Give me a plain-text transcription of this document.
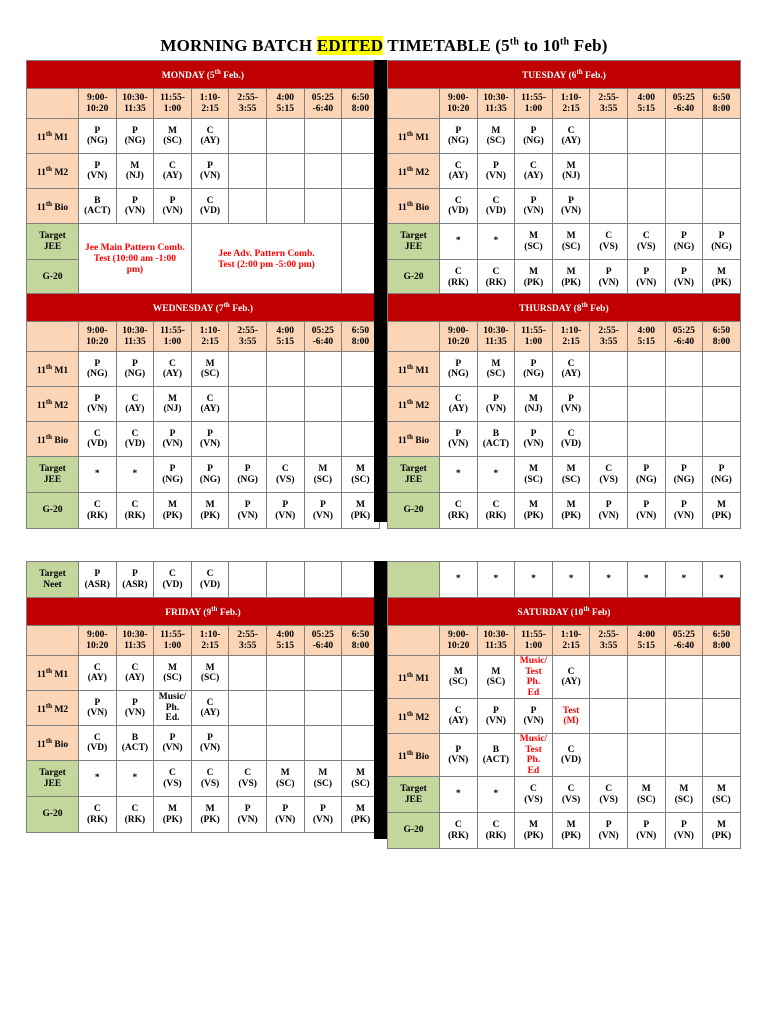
MORNING BATCH EDITED TIMETABLE (5th to 10th Feb)
MONDAY (5th Feb.)								
	9:00-10:20	10:30-11:35	11:55-1:00	1:10-2:15	2:55-3:55	4:00 5:15	05:25 -6:40	6:50 8:00
11th M1	P (NG)	P (NG)	M (SC)	C (AY)				
11th M2	P (VN)	M (NJ)	C (AY)	P (VN)				
11th Bio	B (ACT)	P (VN)	P (VN)	C (VD)				
Target JEE	Jee Main Pattern Comb. Test (10:00 am -1:00 pm)			Jee Adv. Pattern Comb. Test (2:00 pm -5:00 pm)				
G-20								
TUESDAY (6th Feb.)								
	9:00-10:20	10:30-11:35	11:55-1:00	1:10-2:15	2:55-3:55	4:00 5:15	05:25 -6:40	6:50 8:00
11th M1	P (NG)	M (SC)	P (NG)	C (AY)				
11th M2	C (AY)	P (VN)	C (AY)	M (NJ)				
11th Bio	C (VD)	C (VD)	P (VN)	P (VN)				
Target JEE	*	*	M (SC)	M (SC)	C (VS)	C (VS)	P (NG)	P (NG)
G-20	C (RK)	C (RK)	M (PK)	M (PK)	P (VN)	P (VN)	P (VN)	M (PK)
WEDNESDAY (7th Feb.)								
	9:00-10:20	10:30-11:35	11:55-1:00	1:10-2:15	2:55-3:55	4:00 5:15	05:25 -6:40	6:50 8:00
11th M1	P (NG)	P (NG)	C (AY)	M (SC)				
11th M2	P (VN)	C (AY)	M (NJ)	C (AY)				
11th Bio	C (VD)	C (VD)	P (VN)	P (VN)				
Target JEE	*	*	P (NG)	P (NG)	P (NG)	C (VS)	M (SC)	M (SC)
G-20	C (RK)	C (RK)	M (PK)	M (PK)	P (VN)	P (VN)	P (VN)	M (PK)
THURSDAY (8th Feb)								
	9:00-10:20	10:30-11:35	11:55-1:00	1:10-2:15	2:55-3:55	4:00 5:15	05:25 -6:40	6:50 8:00
11th M1	P (NG)	M (SC)	P (NG)	C (AY)				
11th M2	C (AY)	P (VN)	M (NJ)	P (VN)				
11th Bio	P (VN)	B (ACT)	P (VN)	C (VD)				
Target JEE	*	*	M (SC)	M (SC)	C (VS)	P (NG)	P (NG)	P (NG)
G-20	C (RK)	C (RK)	M (PK)	M (PK)	P (VN)	P (VN)	P (VN)	M (PK)
Target Neet	P (ASR)	P (ASR)	C (VD)	C (VD)				
	*	*	*	*	*	*	*	*
FRIDAY (9th Feb.)								
	9:00-10:20	10:30-11:35	11:55-1:00	1:10-2:15	2:55-3:55	4:00 5:15	05:25 -6:40	6:50 8:00
11th M1	C (AY)	C (AY)	M (SC)	M (SC)				
11th M2	P (VN)	P (VN)	Music/ Ph. Ed.	C (AY)				
11th Bio	C (VD)	B (ACT)	P (VN)	P (VN)				
Target JEE	*	*	C (VS)	C (VS)	C (VS)	M (SC)	M (SC)	M (SC)
G-20	C (RK)	C (RK)	M (PK)	M (PK)	P (VN)	P (VN)	P (VN)	M (PK)
SATURDAY (10th Feb)								
	9:00-10:20	10:30-11:35	11:55-1:00	1:10-2:15	2:55-3:55	4:00 5:15	05:25 -6:40	6:50 8:00
11th M1	M (SC)	M (SC)	Music/ Test Ph. Ed	C (AY)				
11th M2	C (AY)	P (VN)	P (VN)	Test (M)				
11th Bio	P (VN)	B (ACT)	Music/ Test Ph. Ed	C (VD)				
Target JEE	*	*	C (VS)	C (VS)	C (VS)	M (SC)	M (SC)	M (SC)
G-20	C (RK)	C (RK)	M (PK)	M (PK)	P (VN)	P (VN)	P (VN)	M (PK)
